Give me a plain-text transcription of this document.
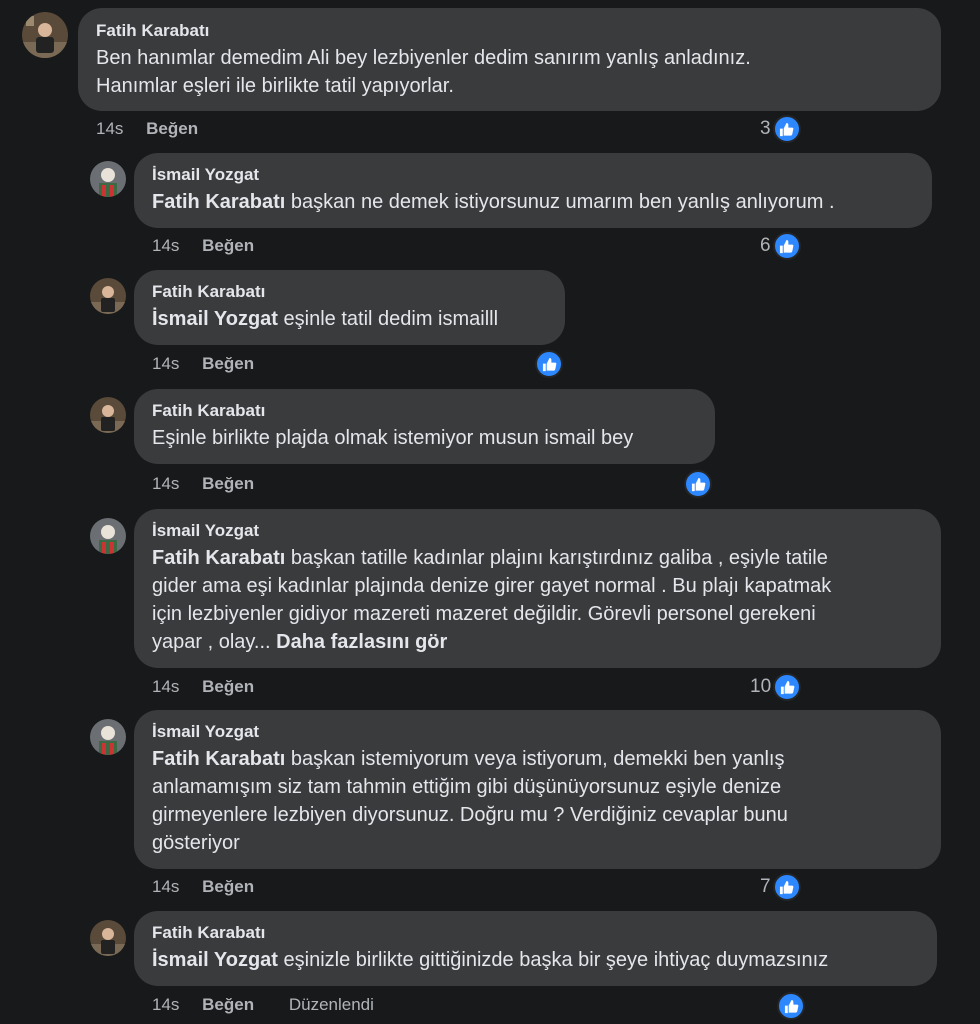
Fatih Karabatı
Ben hanımlar demedim Ali bey lezbiyenler dedim sanırım yanlış anladınız.
Hanımlar eşleri ile birlikte tatil yapıyorlar.
14s Beğen	3
İsmail Yozgat
Fatih Karabatı başkan ne demek istiyorsunuz umarım ben yanlış anlıyorum .
14s Beğen	6
Fatih Karabatı
İsmail Yozgat eşinle tatil dedim ismailll
14s Beğen
Fatih Karabatı
Eşinle birlikte plajda olmak istemiyor musun ismail bey
14s Beğen
İsmail Yozgat
Fatih Karabatı başkan tatille kadınlar plajını karıştırdınız galiba , eşiyle tatile
gider ama eşi kadınlar plajında denize girer gayet normal . Bu plajı kapatmak
için lezbiyenler gidiyor mazereti mazeret değildir. Görevli personel gerekeni
yapar , olay... Daha fazlasını gör
14s Beğen	10
İsmail Yozgat
Fatih Karabatı başkan istemiyorum veya istiyorum, demekki ben yanlış
anlamamışım siz tam tahmin ettiğim gibi düşünüyorsunuz eşiyle denize
girmeyenlere lezbiyen diyorsunuz. Doğru mu ? Verdiğiniz cevaplar bunu
gösteriyor
14s Beğen	7
Fatih Karabatı
İsmail Yozgat eşinizle birlikte gittiğinizde başka bir şeye ihtiyaç duymazsınız
14s Beğen Düzenlendi
